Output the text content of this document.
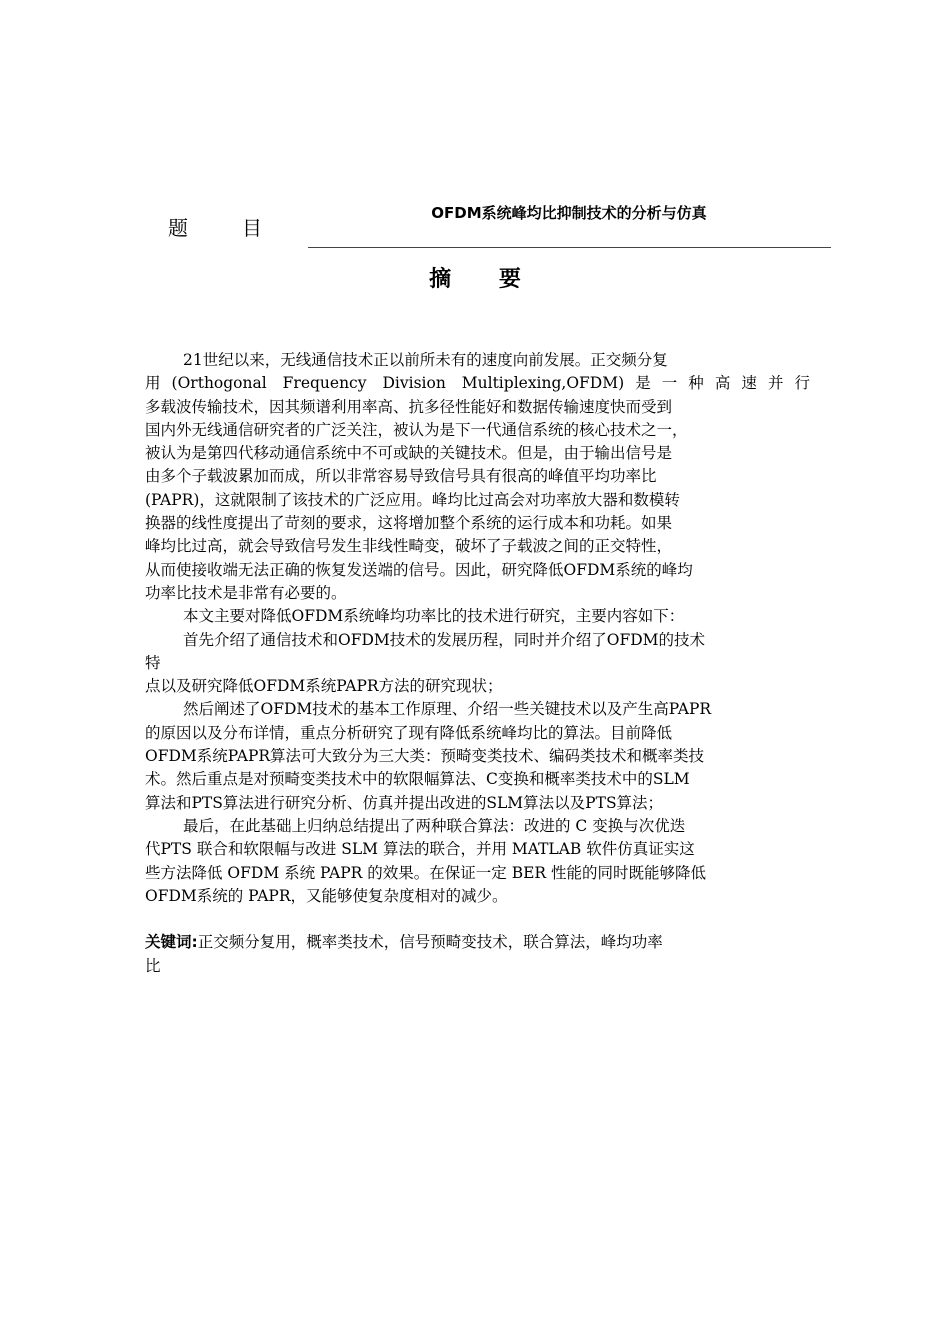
题目
OFDM系统峰均比抑制技术的分析与仿真
摘 要
21世纪以来，无线通信技术正以前所未有的速度向前发展。正交频分复
用(Orthogonal Frequency Division Multiplexing,OFDM)是一种高速并行
多载波传输技术，因其频谱利用率高、抗多径性能好和数据传输速度快而受到
国内外无线通信研究者的广泛关注，被认为是下一代通信系统的核心技术之一，
被认为是第四代移动通信系统中不可或缺的关键技术。但是，由于输出信号是
由多个子载波累加而成，所以非常容易导致信号具有很高的峰值平均功率比
(PAPR)，这就限制了该技术的广泛应用。峰均比过高会对功率放大器和数模转
换器的线性度提出了苛刻的要求，这将增加整个系统的运行成本和功耗。如果
峰均比过高，就会导致信号发生非线性畸变，破坏了子载波之间的正交特性，
从而使接收端无法正确的恢复发送端的信号。因此，研究降低OFDM系统的峰均
功率比技术是非常有必要的。
本文主要对降低OFDM系统峰均功率比的技术进行研究，主要内容如下：
首先介绍了通信技术和OFDM技术的发展历程，同时并介绍了OFDM的技术
特
点以及研究降低OFDM系统PAPR方法的研究现状；
然后阐述了OFDM技术的基本工作原理、介绍一些关键技术以及产生高PAPR
的原因以及分布详情，重点分析研究了现有降低系统峰均比的算法。目前降低
OFDM系统PAPR算法可大致分为三大类：预畸变类技术、编码类技术和概率类技
术。然后重点是对预畸变类技术中的软限幅算法、C变换和概率类技术中的SLM
算法和PTS算法进行研究分析、仿真并提出改进的SLM算法以及PTS算法；
最后，在此基础上归纳总结提出了两种联合算法：改进的 C 变换与次优迭
代PTS 联合和软限幅与改进 SLM 算法的联合，并用 MATLAB 软件仿真证实这
些方法降低 OFDM 系统 PAPR 的效果。在保证一定 BER 性能的同时既能够降低
OFDM系统的 PAPR，又能够使复杂度相对的减少。
关键词:正交频分复用，概率类技术，信号预畸变技术，联合算法，峰均功率
比
